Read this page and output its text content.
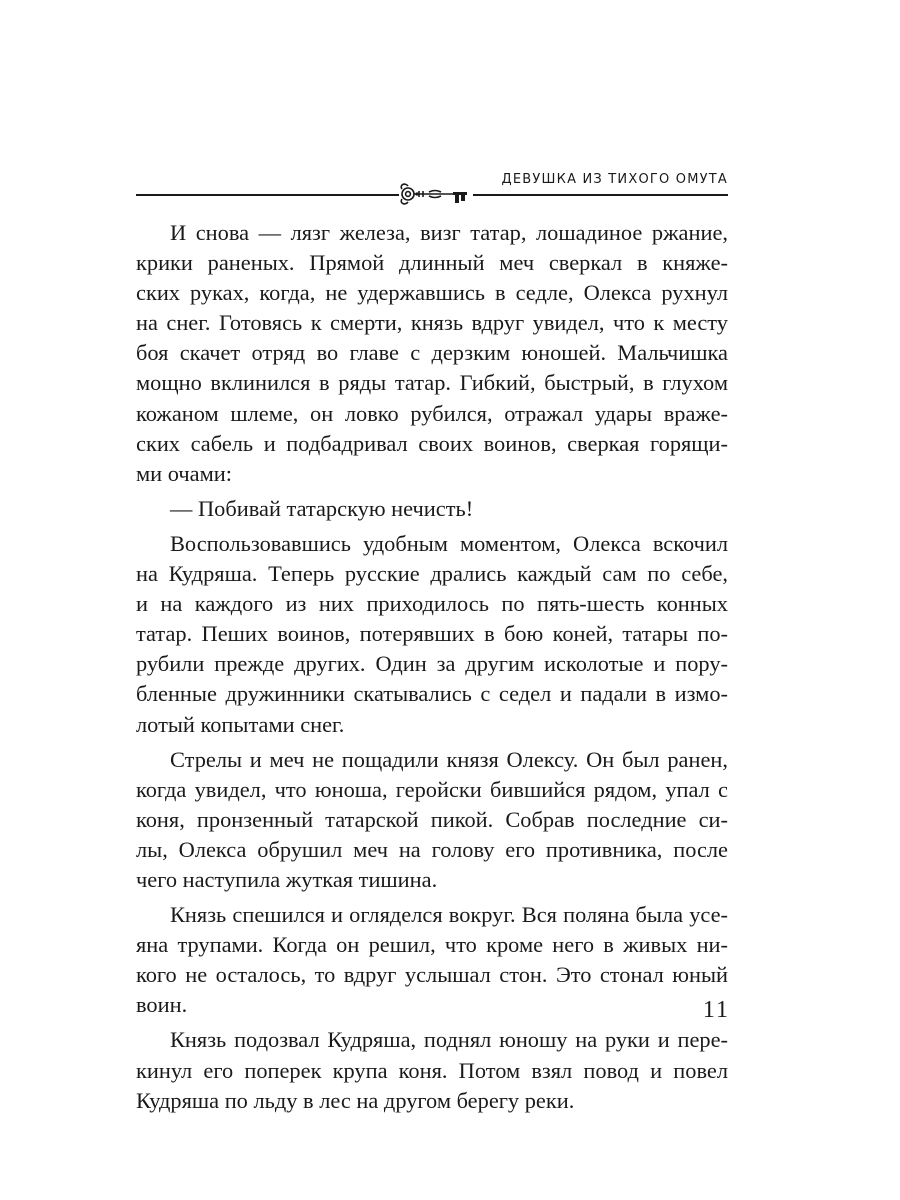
ДЕВУШКА ИЗ ТИХОГО ОМУТА
И снова — лязг железа, визг татар, лошадиное ржание,
крики раненых. Прямой длинный меч сверкал в княже-
ских руках, когда, не удержавшись в седле, Олекса рухнул
на снег. Готовясь к смерти, князь вдруг увидел, что к месту
боя скачет отряд во главе с дерзким юношей. Мальчишка
мощно вклинился в ряды татар. Гибкий, быстрый, в глухом
кожаном шлеме, он ловко рубился, отражал удары враже-
ских сабель и подбадривал своих воинов, сверкая горящи-
ми очами:
— Побивай татарскую нечисть!
Воспользовавшись удобным моментом, Олекса вскочил
на Кудряша. Теперь русские дрались каждый сам по себе,
и на каждого из них приходилось по пять-шесть конных
татар. Пеших воинов, потерявших в бою коней, татары по-
рубили прежде других. Один за другим исколотые и пору-
бленные дружинники скатывались с седел и падали в измо-
лотый копытами снег.
Стрелы и меч не пощадили князя Олексу. Он был ранен,
когда увидел, что юноша, геройски бившийся рядом, упал с
коня, пронзенный татарской пикой. Собрав последние си-
лы, Олекса обрушил меч на голову его противника, после
чего наступила жуткая тишина.
Князь спешился и огляделся вокруг. Вся поляна была усе-
яна трупами. Когда он решил, что кроме него в живых ни-
кого не осталось, то вдруг услышал стон. Это стонал юный
воин.
Князь подозвал Кудряша, поднял юношу на руки и пере-
кинул его поперек крупа коня. Потом взял повод и повел
Кудряша по льду в лес на другом берегу реки.
11
